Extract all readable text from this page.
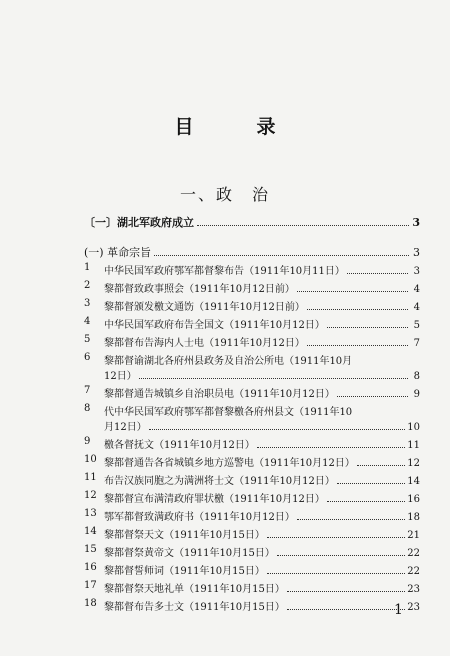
目　录
一、政　治
〔一〕湖北军政府成立	3
(一) 革命宗旨	3
1	中华民国军政府鄂军都督黎布告（1911年10月11日）	3
2	黎都督致政事照会（1911年10月12日前）	4
3	黎都督颁发檄文通饬（1911年10月12日前）	4
4	中华民国军政府布告全国文（1911年10月12日）	5
5	黎都督布告海内人士电（1911年10月12日）	7
6	黎都督谕湖北各府州县政务及自治公所电（1911年10月
12日）	8
7	黎都督通告城镇乡自治职员电（1911年10月12日）	9
8	代中华民国军政府鄂军都督黎檄各府州县文（1911年10
月12日）	10
9	檄各督抚文（1911年10月12日）	11
10 黎都督通告各省城镇乡地方巡警电（1911年10月12日）	12
11 布告汉族同胞之为满洲将士文（1911年10月12日）	14
12 黎都督宣布满清政府罪状檄（1911年10月12日）	16
13 鄂军都督致满政府书（1911年10月12日）	18
14 黎都督祭天文（1911年10月15日）	21
15 黎都督祭黄帝文（1911年10月15日）	22
16 黎都督誓师词（1911年10月15日）	22
17 黎都督祭天地礼单（1911年10月15日）	23
18 黎都督布告多士文（1911年10月15日）	23
1
